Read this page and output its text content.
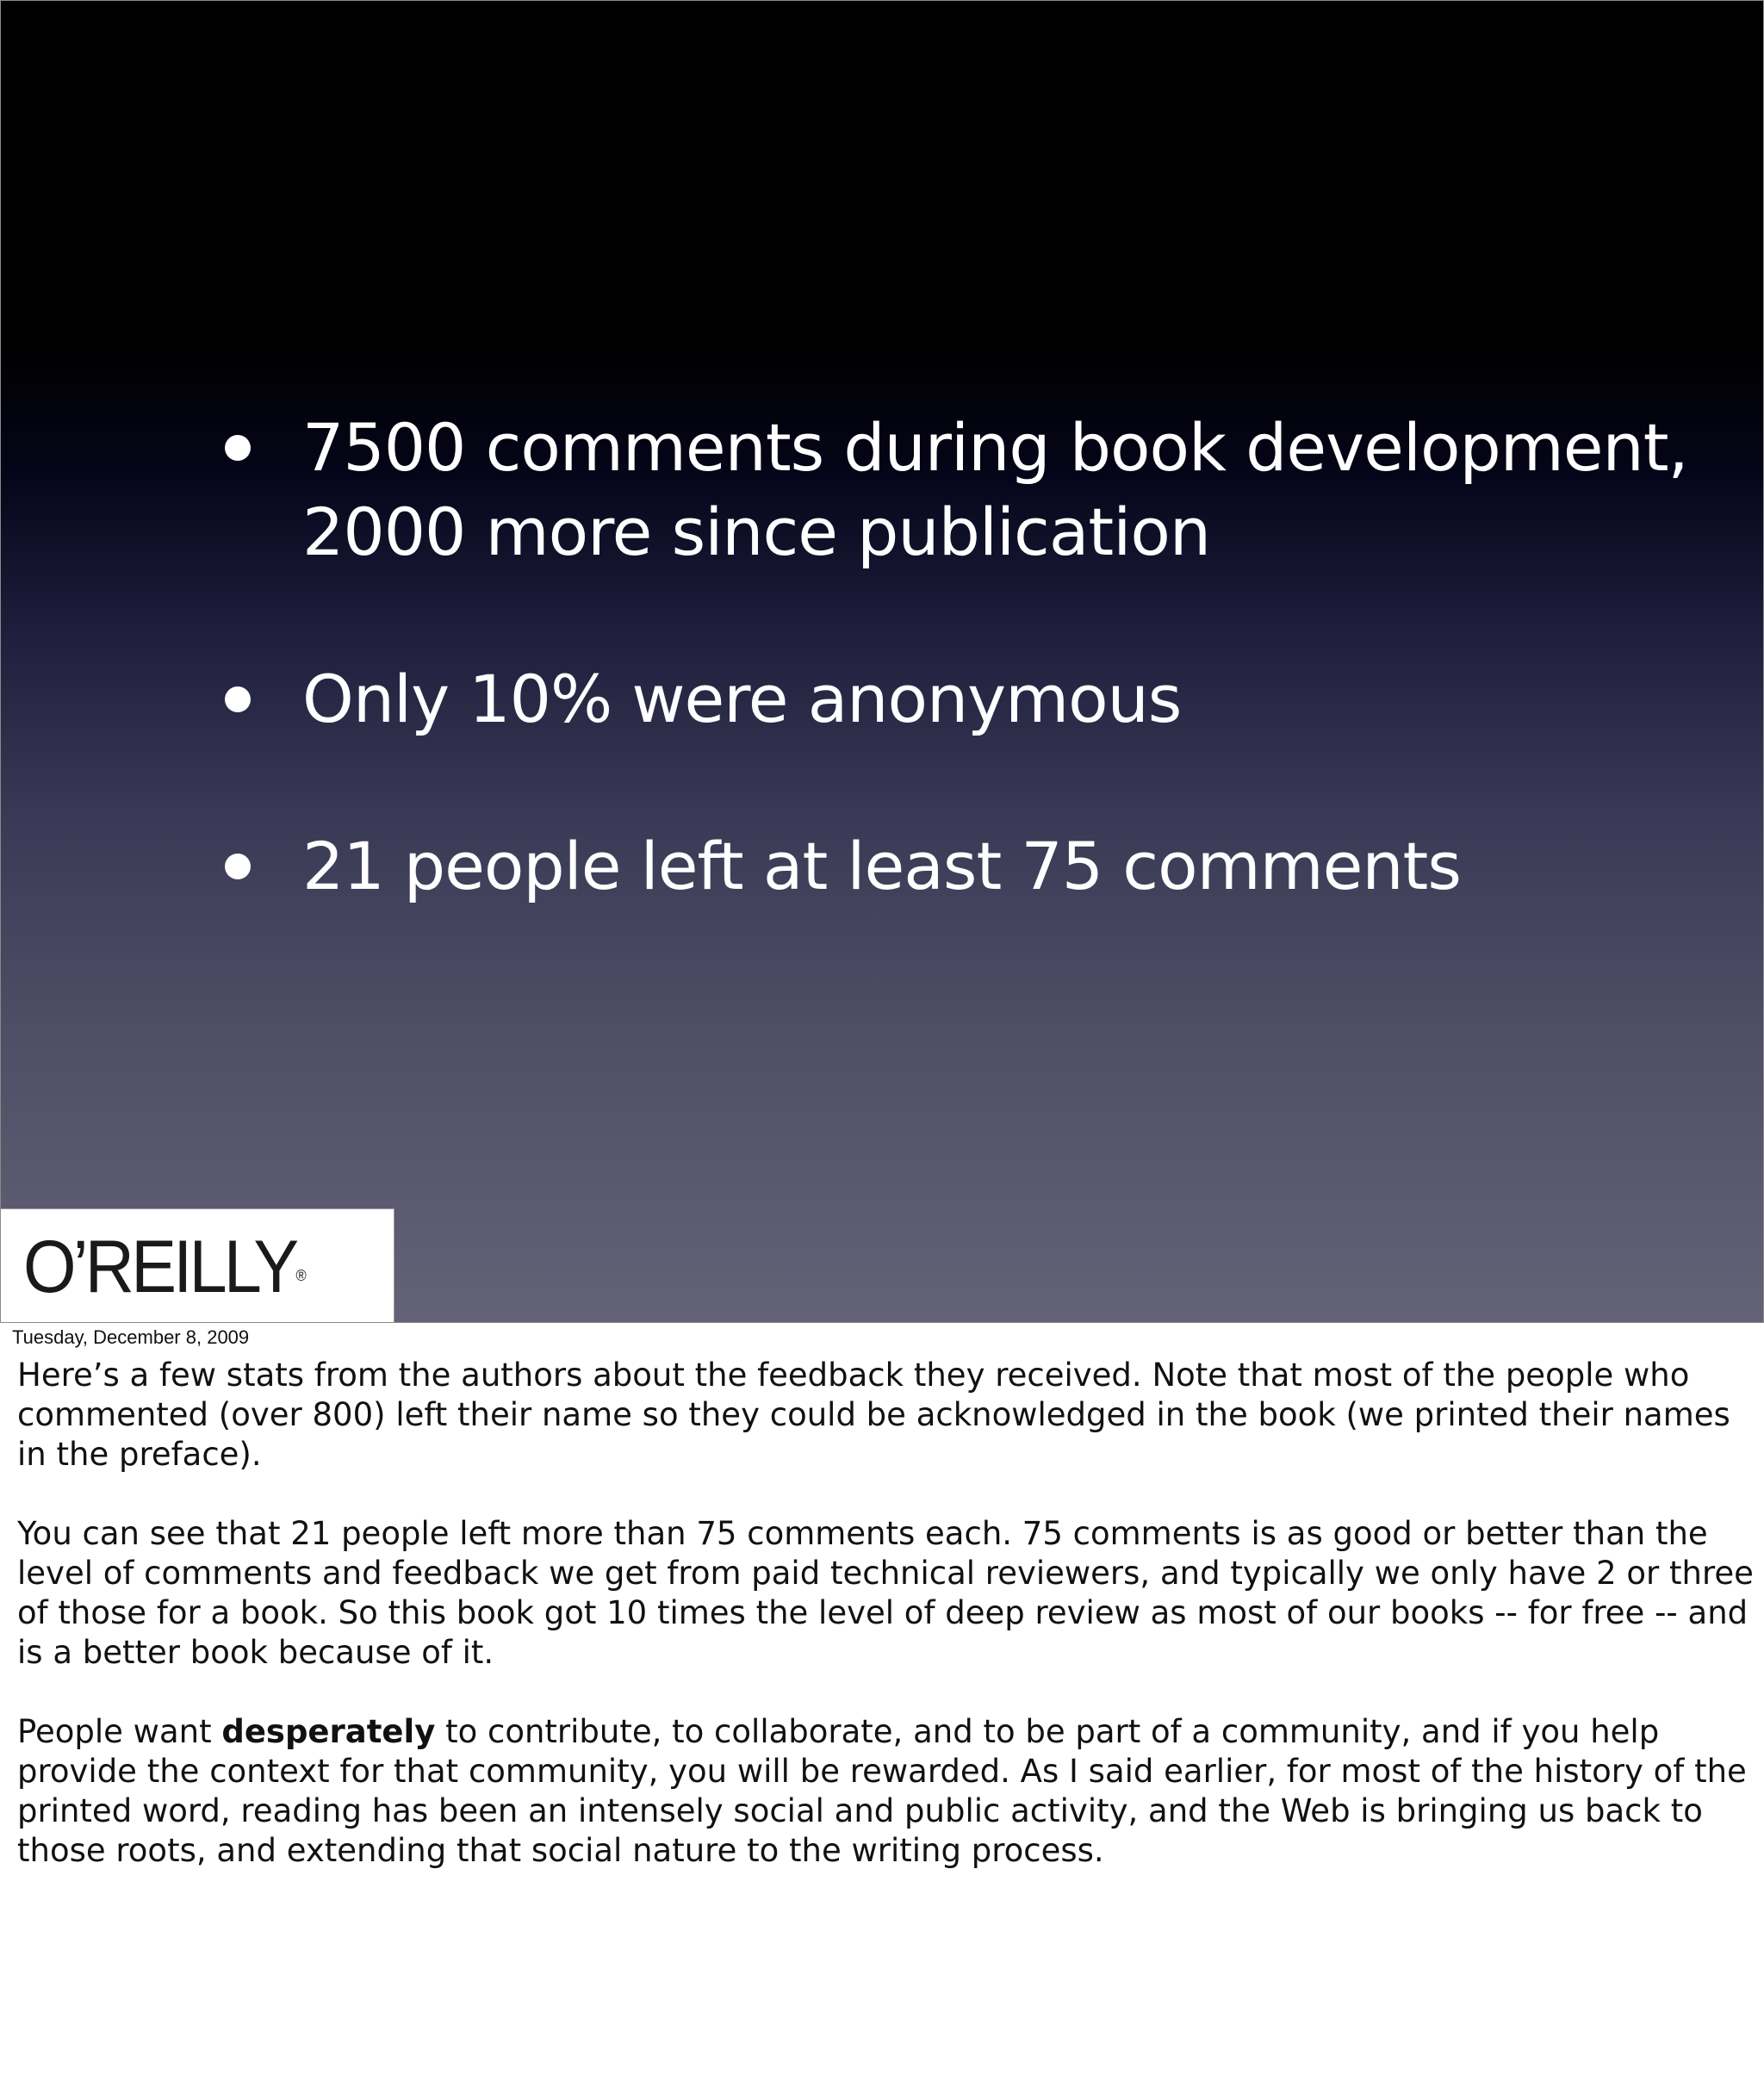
7500 comments during book development, 2000 more since publication
Only 10% were anonymous
21 people left at least 75 comments
O’REILLY®
Tuesday, December 8, 2009

Here’s a few stats from the authors about the feedback they received. Note that most of the people who commented (over 800) left their name so they could be acknowledged in the book (we printed their names in the preface).

You can see that 21 people left more than 75 comments each. 75 comments is as good or better than the level of comments and feedback we get from paid technical reviewers, and typically we only have 2 or three of those for a book. So this book got 10 times the level of deep review as most of our books -- for free -- and is a better book because of it.

People want desperately to contribute, to collaborate, and to be part of a community, and if you help provide the context for that community, you will be rewarded. As I said earlier, for most of the history of the printed word, reading has been an intensely social and public activity, and the Web is bringing us back to those roots, and extending that social nature to the writing process.
